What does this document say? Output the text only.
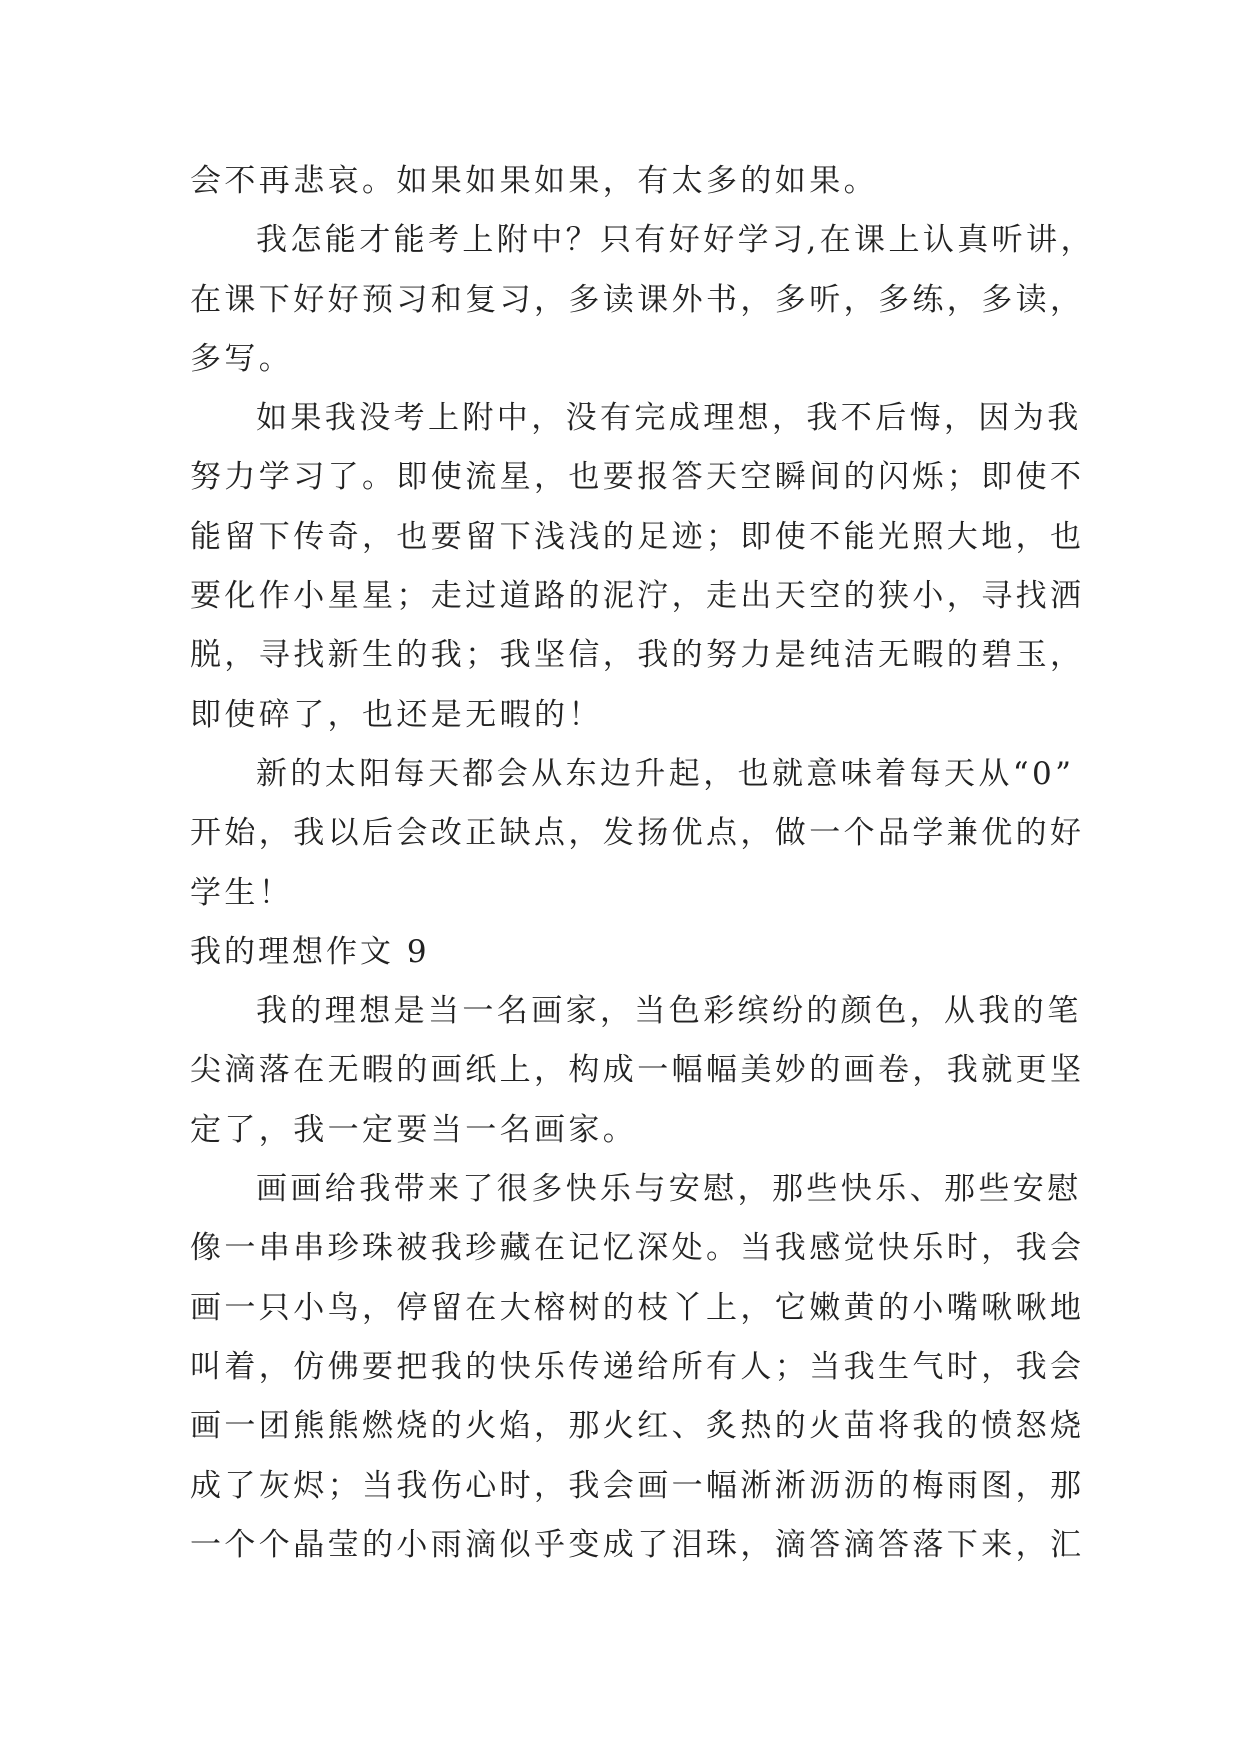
会不再悲哀。如果如果如果，有太多的如果。
我怎能才能考上附中？只有好好学习,在课上认真听讲，
在课下好好预习和复习，多读课外书，多听，多练，多读，
多写。
如果我没考上附中，没有完成理想，我不后悔，因为我
努力学习了。即使流星，也要报答天空瞬间的闪烁；即使不
能留下传奇，也要留下浅浅的足迹；即使不能光照大地，也
要化作小星星；走过道路的泥泞，走出天空的狭小，寻找洒
脱，寻找新生的我；我坚信，我的努力是纯洁无暇的碧玉，
即使碎了，也还是无暇的！
新的太阳每天都会从东边升起，也就意味着每天从“0”
开始，我以后会改正缺点，发扬优点，做一个品学兼优的好
学生！
我的理想作文 9
我的理想是当一名画家，当色彩缤纷的颜色，从我的笔
尖滴落在无暇的画纸上，构成一幅幅美妙的画卷，我就更坚
定了，我一定要当一名画家。
画画给我带来了很多快乐与安慰，那些快乐、那些安慰
像一串串珍珠被我珍藏在记忆深处。当我感觉快乐时，我会
画一只小鸟，停留在大榕树的枝丫上，它嫩黄的小嘴啾啾地
叫着，仿佛要把我的快乐传递给所有人；当我生气时，我会
画一团熊熊燃烧的火焰，那火红、炙热的火苗将我的愤怒烧
成了灰烬；当我伤心时，我会画一幅淅淅沥沥的梅雨图，那
一个个晶莹的小雨滴似乎变成了泪珠，滴答滴答落下来，汇
